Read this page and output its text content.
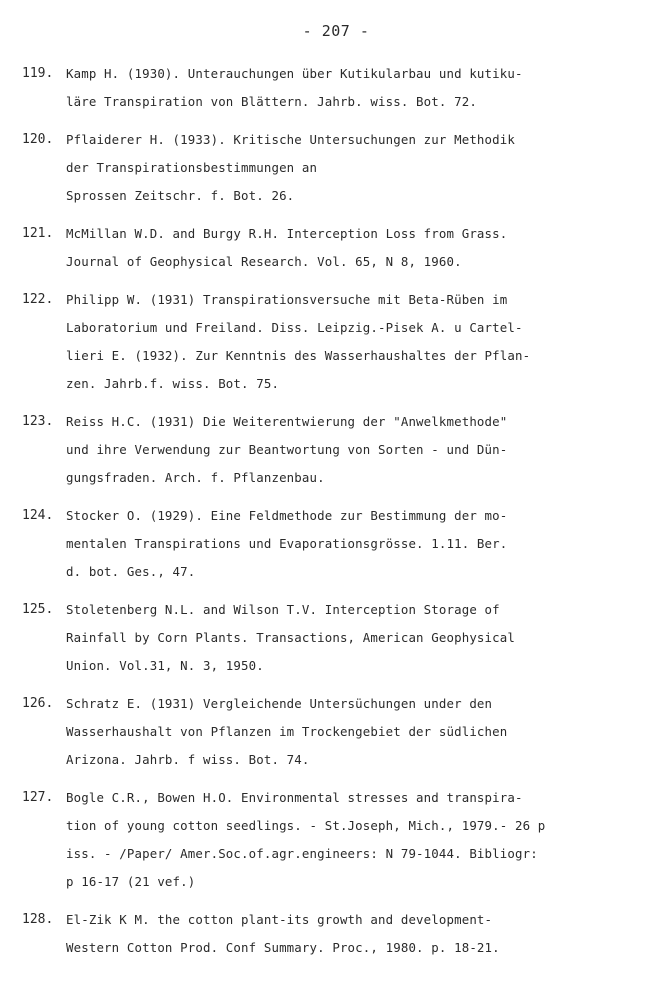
- 207 -
119.	Kamp H. (1930). Unterauchungen über Kutikularbau und kutiku-
läre Transpiration von Blättern. Jahrb. wiss. Bot. 72.
120.	Pflaiderer H. (1933). Kritische Untersuchungen zur Methodik
der Transpirationsbestimmungen an
Sprossen Zeitschr. f. Bot. 26.
121.	McMillan W.D. and Burgy R.H. Interception Loss from Grass.
Journal of Geophysical Research. Vol. 65, N 8, 1960.
122.	Philipp W. (1931) Transpirationsversuche mit Beta-Rüben im
Laboratorium und Freiland. Diss. Leipzig.-Pisek A. u Cartel-
lieri E. (1932). Zur Kenntnis des Wasserhaushaltes der Pflan-
zen. Jahrb.f. wiss. Bot. 75.
123.	Reiss H.C. (1931) Die Weiterentwierung der "Anwelkmethode"
und ihre Verwendung zur Beantwortung von Sorten - und Dün-
gungsfraden. Arch. f. Pflanzenbau.
124.	Stocker O. (1929). Eine Feldmethode zur Bestimmung der mo-
mentalen Transpirations und Evaporationsgrösse. 1.11. Ber.
d. bot. Ges., 47.
125.	Stoletenberg N.L. and Wilson T.V. Interception Storage of
Rainfall by Corn Plants. Transactions, American Geophysical
Union. Vol.31, N. 3, 1950.
126.	Schratz E. (1931) Vergleichende Untersüchungen under den
Wasserhaushalt von Pflanzen im Trockengebiet der südlichen
Arizona. Jahrb. f wiss. Bot. 74.
127.	Bogle C.R., Bowen H.O. Environmental stresses and transpira-
tion of young cotton seedlings. - St.Joseph, Mich., 1979.- 26 p
iss. - /Paper/ Amer.Soc.of.agr.engineers: N 79-1044. Bibliogr:
p 16-17 (21 vef.)
128.	El-Zik K M. the cotton plant-its growth and development-
Western Cotton Prod. Conf Summary. Proc., 1980. p. 18-21.
